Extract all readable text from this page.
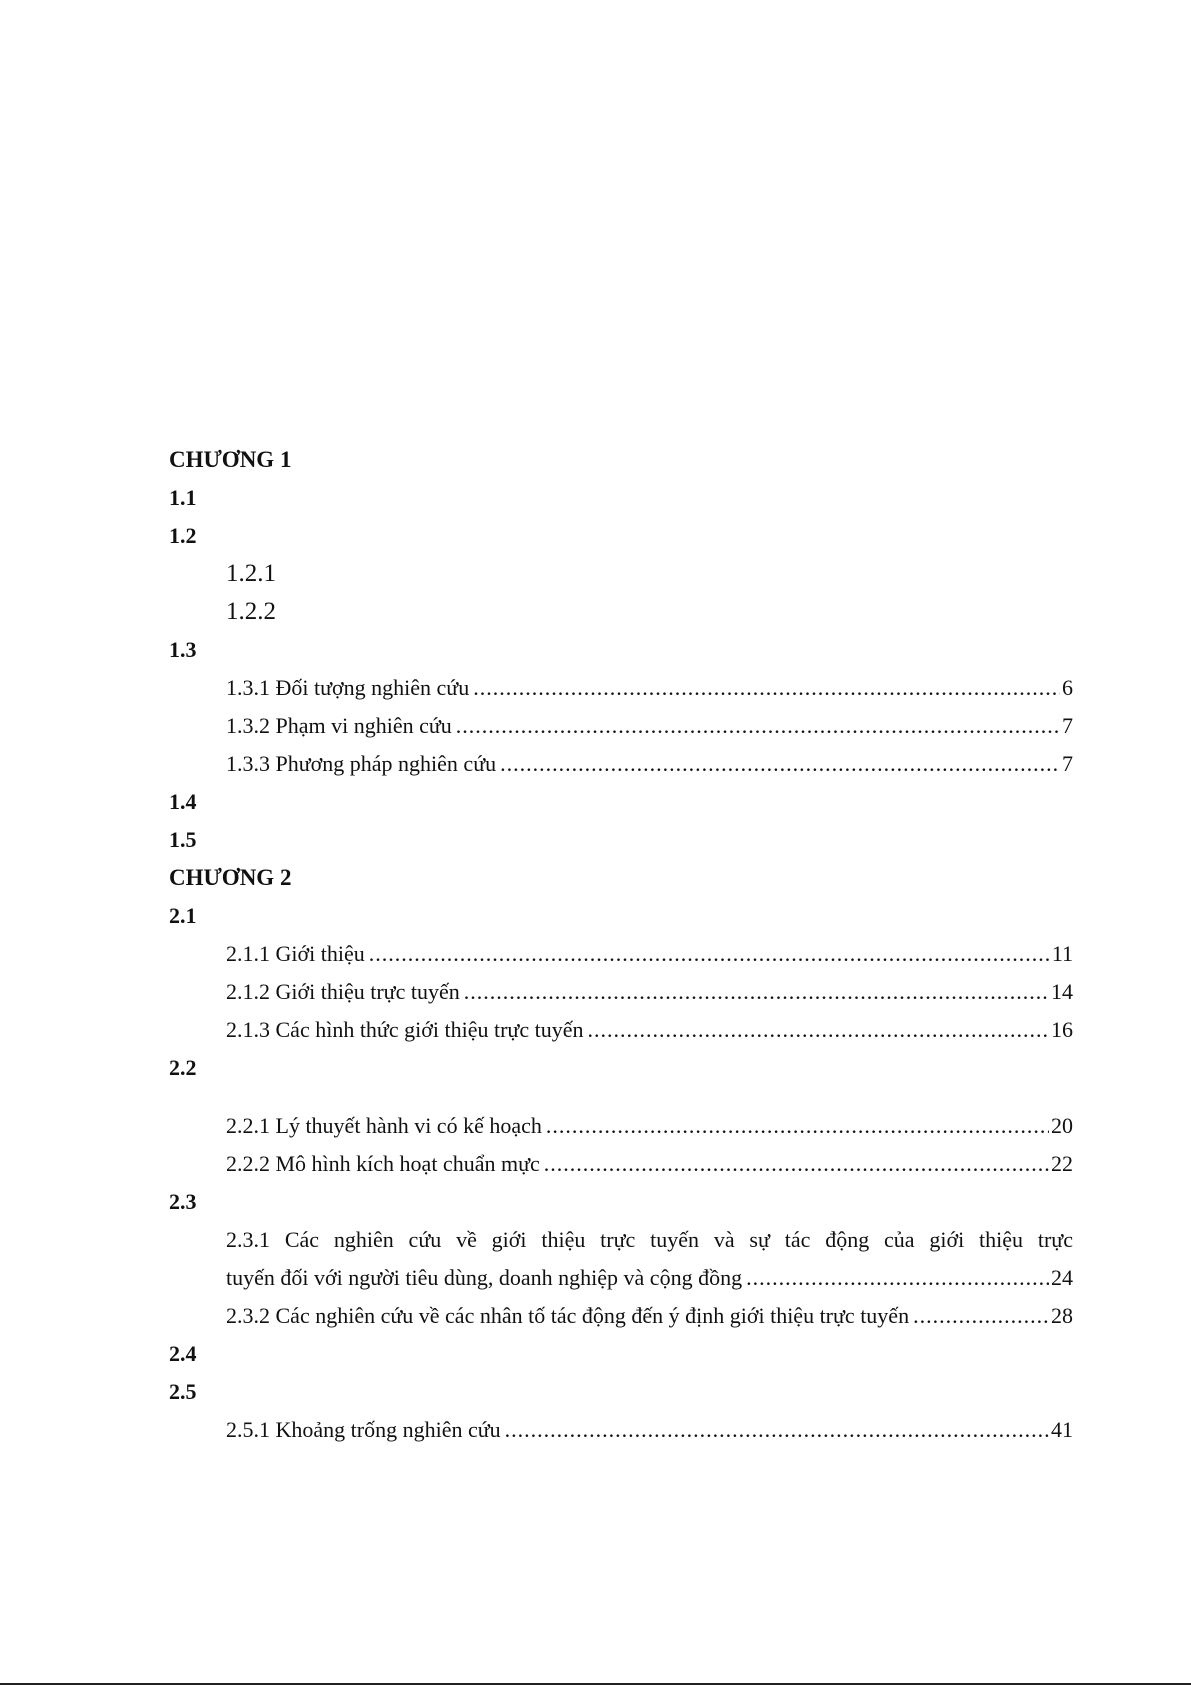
CHƯƠNG 1
1.1
1.2
1.2.1
1.2.2
1.3
1.3.1 Đối tượng nghiên cứu .....	6
1.3.2 Phạm vi nghiên cứu .....	7
1.3.3 Phương pháp nghiên cứu .....	7
1.4
1.5
CHƯƠNG 2
2.1
2.1.1 Giới thiệu .....	11
2.1.2 Giới thiệu trực tuyến .....	14
2.1.3 Các hình thức giới thiệu trực tuyến .....	16
2.2
2.2.1 Lý thuyết hành vi có kế hoạch .....	20
2.2.2 Mô hình kích hoạt chuẩn mực .....	22
2.3
2.3.1 Các nghiên cứu về giới thiệu trực tuyến và sự tác động của giới thiệu trực
tuyến đối với người tiêu dùng, doanh nghiệp và cộng đồng .....	24
2.3.2 Các nghiên cứu về các nhân tố tác động đến ý định giới thiệu trực tuyến .....	28
2.4
2.5
2.5.1 Khoảng trống nghiên cứu .....	41
